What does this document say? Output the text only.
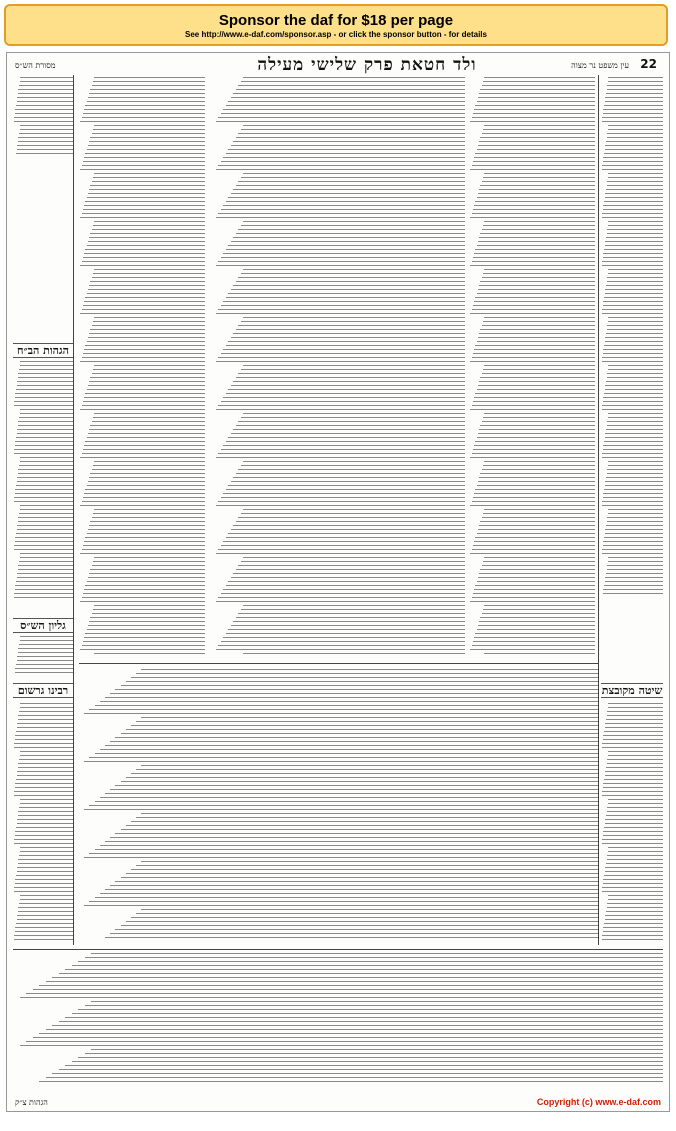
Sponsor the daf for $18 per page
See http://www.e-daf.com/sponsor.asp - or click the sponsor button - for details
22
ולד חטאת פרק שלישי מעילה
מסורת הש״ס	עין משפט נר מצוה
שיטה מקובצת
הגהות הב״ח
גליון הש״ס
רבינו גרשום
הגהות צ״ק	Copyright (c) www.e-daf.com
